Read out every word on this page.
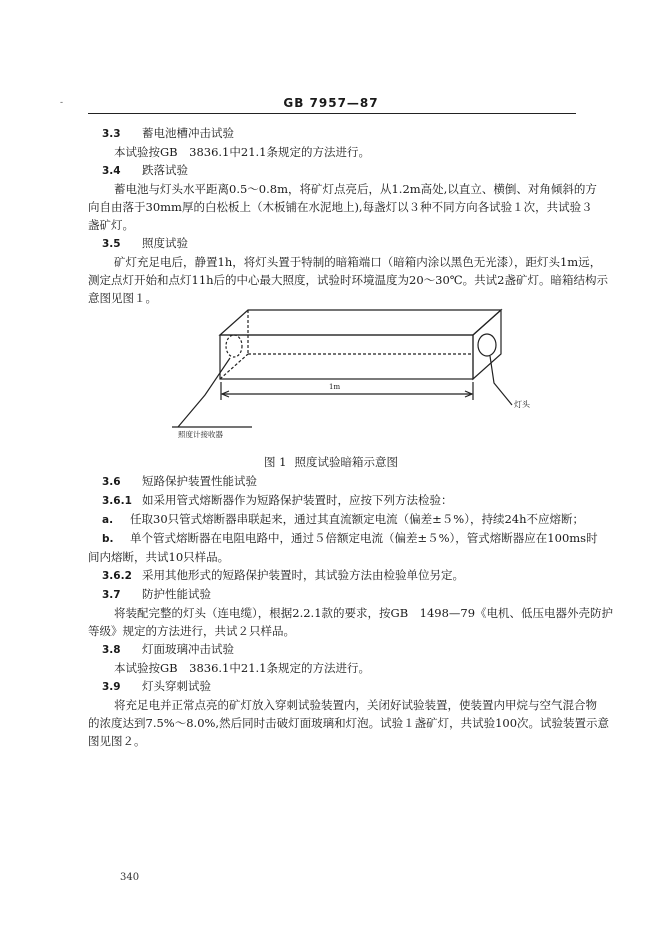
-	GB 7957—87
3.3 蓄电池槽冲击试验
本试验按GB　3836.1中21.1条规定的方法进行。
3.4 跌落试验
蓄电池与灯头水平距离0.5～0.8m，将矿灯点亮后，从1.2m高处,以直立、横倒、对角倾斜的方
向自由落于30mm厚的白松板上（木板铺在水泥地上),每盏灯以３种不同方向各试验１次，共试验３
盏矿灯。
3.5 照度试验
矿灯充足电后，静置1h，将灯头置于特制的暗箱端口（暗箱内涂以黑色无光漆），距灯头1m远，
测定点灯开始和点灯11h后的中心最大照度，试验时环境温度为20～30℃。共试2盏矿灯。暗箱结构示
意图见图１。
1m
灯头
照度计接收器
图 1 照度试验暗箱示意图
3.6 短路保护装置性能试验
3.6.1 如采用管式熔断器作为短路保护装置时，应按下列方法检验：
a. 任取30只管式熔断器串联起来，通过其直流额定电流（偏差±５%），持续24h不应熔断；
b. 单个管式熔断器在电阻电路中，通过５倍额定电流（偏差±５%），管式熔断器应在100ms时
间内熔断，共试10只样品。
3.6.2 采用其他形式的短路保护装置时，其试验方法由检验单位另定。
3.7 防护性能试验
将装配完整的灯头（连电缆），根据2.2.1款的要求，按GB　1498—79《电机、低压电器外壳防护
等级》规定的方法进行，共试２只样品。
3.8 灯面玻璃冲击试验
本试验按GB　3836.1中21.1条规定的方法进行。
3.9 灯头穿刺试验
将充足电并正常点亮的矿灯放入穿刺试验装置内，关闭好试验装置，使装置内甲烷与空气混合物
的浓度达到7.5%～8.0%,然后同时击破灯面玻璃和灯泡。试验１盏矿灯，共试验100次。试验装置示意
图见图２。
340
